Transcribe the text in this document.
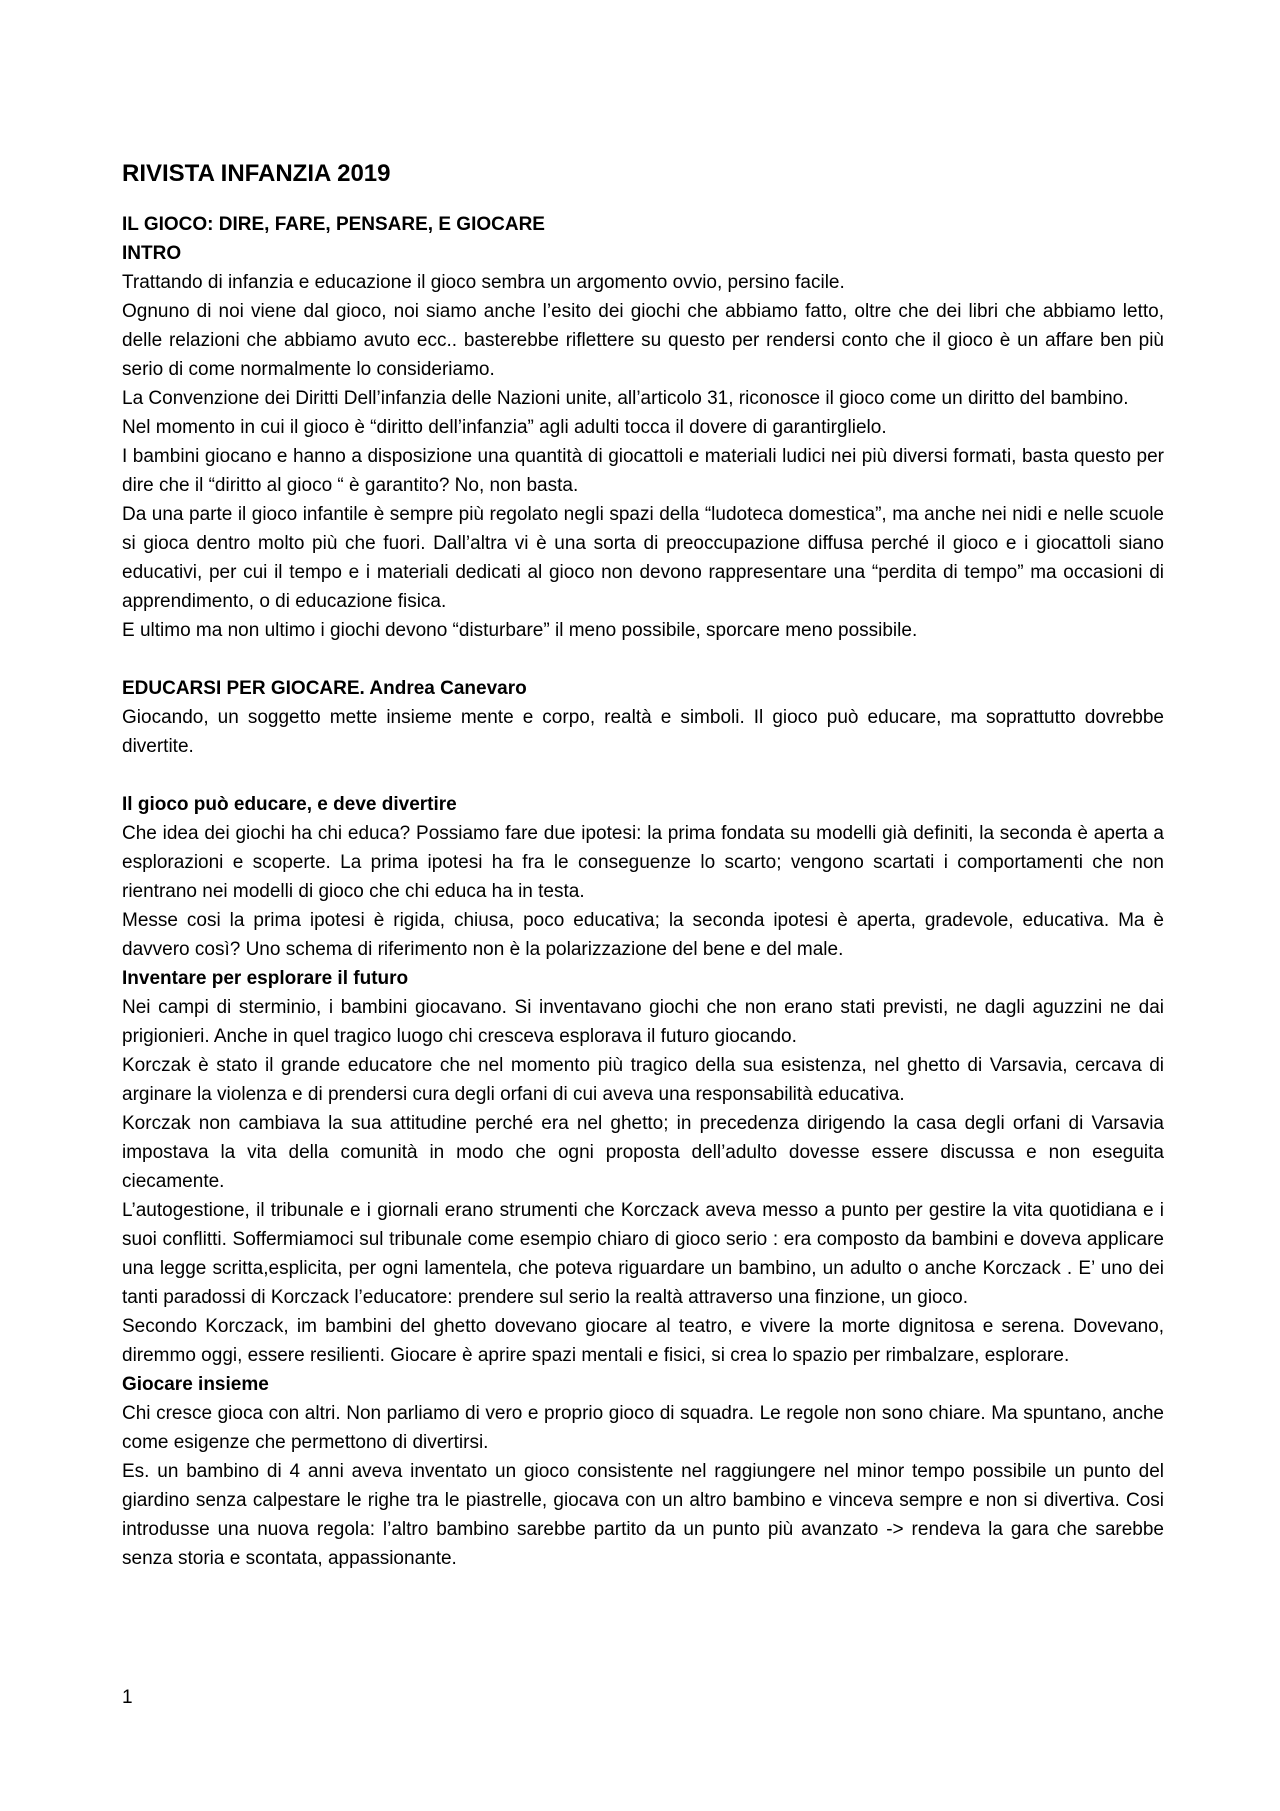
RIVISTA INFANZIA 2019

IL GIOCO: DIRE, FARE, PENSARE, E GIOCARE

INTRO

Trattando di infanzia e educazione il gioco sembra un argomento ovvio, persino facile.

Ognuno di noi viene dal gioco, noi siamo anche l’esito dei giochi che abbiamo fatto, oltre che dei libri che abbiamo letto, delle relazioni che abbiamo avuto ecc.. basterebbe riflettere su questo per rendersi conto che il gioco è un affare ben più serio di come normalmente lo consideriamo.

La Convenzione dei Diritti Dell’infanzia delle Nazioni unite, all’articolo 31, riconosce il gioco come un diritto del bambino.

Nel momento in cui il gioco è “diritto dell’infanzia” agli adulti tocca il dovere di garantirglielo.

I bambini giocano e hanno a disposizione una quantità di giocattoli e materiali ludici nei più diversi formati, basta questo per dire che il “diritto al gioco “ è garantito? No, non basta.

Da una parte il gioco infantile è sempre più regolato negli spazi della “ludoteca domestica”, ma anche nei nidi e nelle scuole si gioca dentro molto più che fuori. Dall’altra vi è una sorta di preoccupazione diffusa perché il gioco e i giocattoli siano educativi, per cui il tempo e i materiali dedicati al gioco non devono rappresentare una “perdita di tempo” ma occasioni di apprendimento, o di educazione fisica.

E ultimo ma non ultimo i giochi devono “disturbare” il meno possibile, sporcare meno possibile.

EDUCARSI PER GIOCARE. Andrea Canevaro

Giocando, un soggetto mette insieme mente e corpo, realtà e simboli. Il gioco può educare, ma soprattutto dovrebbe divertite.

Il gioco può educare, e deve divertire

Che idea dei giochi ha chi educa? Possiamo fare due ipotesi: la prima fondata su modelli già definiti, la seconda è aperta a esplorazioni e scoperte. La prima ipotesi ha fra le conseguenze lo scarto; vengono scartati i comportamenti che non rientrano nei modelli di gioco che chi educa ha in testa.

Messe cosi la prima ipotesi è rigida, chiusa, poco educativa; la seconda ipotesi è aperta, gradevole, educativa. Ma è davvero così? Uno schema di riferimento non è la polarizzazione del bene e del male.

Inventare per esplorare il futuro

Nei campi di sterminio, i bambini giocavano. Si inventavano giochi che non erano stati previsti, ne dagli aguzzini ne dai prigionieri. Anche in quel tragico luogo chi cresceva esplorava il futuro giocando.

Korczak è stato il grande educatore che nel momento più tragico della sua esistenza, nel ghetto di Varsavia, cercava di arginare la violenza e di prendersi cura degli orfani di cui aveva una responsabilità educativa.

Korczak non cambiava la sua attitudine perché era nel ghetto; in precedenza dirigendo la casa degli orfani di Varsavia impostava la vita della comunità in modo che ogni proposta dell’adulto dovesse essere discussa e non eseguita ciecamente.

L’autogestione, il tribunale e i giornali erano strumenti che Korczack aveva messo a punto per gestire la vita quotidiana e i suoi conflitti. Soffermiamoci sul tribunale come esempio chiaro di gioco serio : era composto da bambini e doveva applicare una legge scritta,esplicita, per ogni lamentela, che poteva riguardare un bambino, un adulto o anche Korczack . E’ uno dei tanti paradossi di Korczack l’educatore: prendere sul serio la realtà attraverso una finzione, un gioco.

Secondo Korczack, im bambini del ghetto dovevano giocare al teatro, e vivere la morte dignitosa e serena. Dovevano, diremmo oggi, essere resilienti. Giocare è aprire spazi mentali e fisici, si crea lo spazio per rimbalzare, esplorare.

Giocare insieme

Chi cresce gioca con altri. Non parliamo di vero e proprio gioco di squadra. Le regole non sono chiare. Ma spuntano, anche come esigenze che permettono di divertirsi.

Es. un bambino di 4 anni aveva inventato un gioco consistente nel raggiungere nel minor tempo possibile un punto del giardino senza calpestare le righe tra le piastrelle, giocava con un altro bambino e vinceva sempre e non si divertiva. Cosi introdusse una nuova regola: l’altro bambino sarebbe partito da un punto più avanzato -> rendeva la gara che sarebbe senza storia e scontata, appassionante.

1
